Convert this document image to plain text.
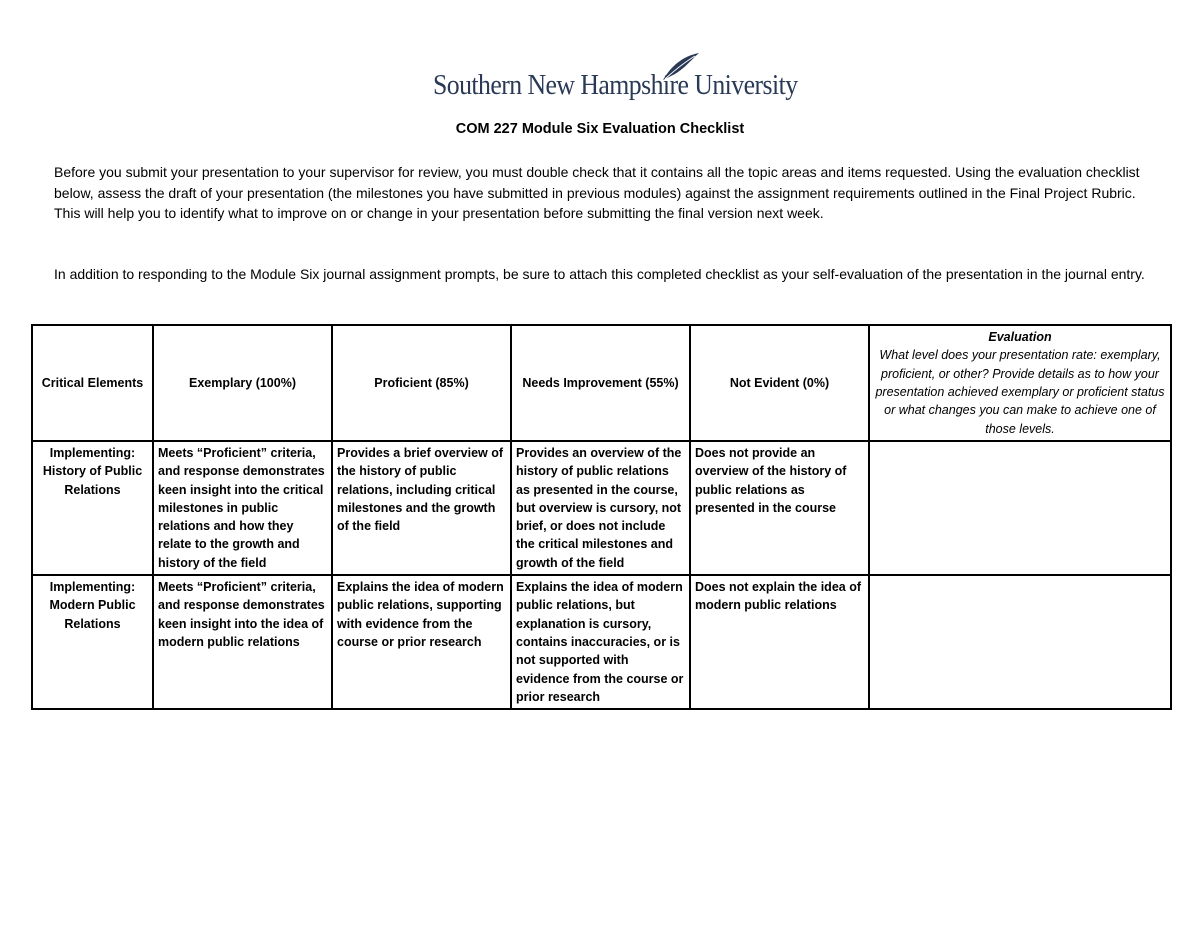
Southern New Hampshire University
COM 227 Module Six Evaluation Checklist
Before you submit your presentation to your supervisor for review, you must double check that it contains all the topic areas and items requested. Using the evaluation checklist below, assess the draft of your presentation (the milestones you have submitted in previous modules) against the assignment requirements outlined in the Final Project Rubric. This will help you to identify what to improve on or change in your presentation before submitting the final version next week.
In addition to responding to the Module Six journal assignment prompts, be sure to attach this completed checklist as your self-evaluation of the presentation in the journal entry.
Critical Elements	Exemplary (100%)	Proficient (85%)	Needs Improvement (55%)	Not Evident (0%)	Evaluation
What level does your presentation rate: exemplary, proficient, or other? Provide details as to how your presentation achieved exemplary or proficient status or what changes you can make to achieve one of those levels.
Implementing: History of Public Relations	Meets “Proficient” criteria, and response demonstrates keen insight into the critical milestones in public relations and how they relate to the growth and history of the field	Provides a brief overview of the history of public relations, including critical milestones and the growth of the field	Provides an overview of the history of public relations as presented in the course, but overview is cursory, not brief, or does not include the critical milestones and growth of the field	Does not provide an overview of the history of public relations as presented in the course	
Implementing: Modern Public Relations	Meets “Proficient” criteria, and response demonstrates keen insight into the idea of modern public relations	Explains the idea of modern public relations, supporting with evidence from the course or prior research	Explains the idea of modern public relations, but explanation is cursory, contains inaccuracies, or is not supported with evidence from the course or prior research	Does not explain the idea of modern public relations	
